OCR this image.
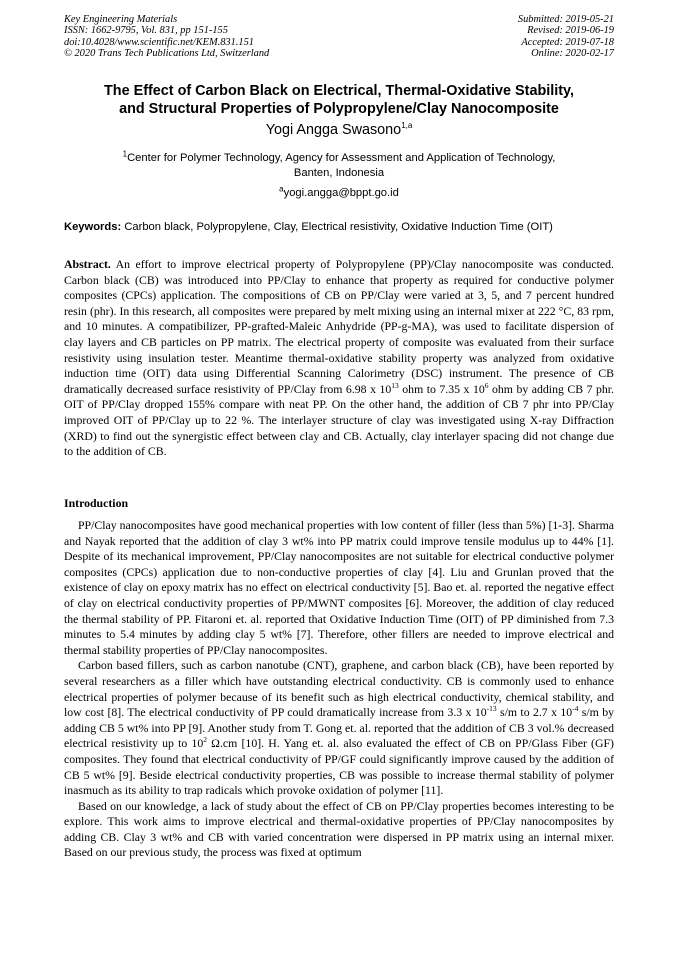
Key Engineering Materials
ISSN: 1662-9795, Vol. 831, pp 151-155
doi:10.4028/www.scientific.net/KEM.831.151
© 2020 Trans Tech Publications Ltd, Switzerland
Submitted: 2019-05-21
Revised: 2019-06-19
Accepted: 2019-07-18
Online: 2020-02-17
The Effect of Carbon Black on Electrical, Thermal-Oxidative Stability,
and Structural Properties of Polypropylene/Clay Nanocomposite
Yogi Angga Swasono$^{1,a}$
$^1$Center for Polymer Technology, Agency for Assessment and Application of Technology,
Banten, Indonesia
$^a$yogi.angga@bppt.go.id
Keywords: Carbon black, Polypropylene, Clay, Electrical resistivity, Oxidative Induction Time (OIT)

Abstract. An effort to improve electrical property of Polypropylene (PP)/Clay nanocomposite was conducted. Carbon black (CB) was introduced into PP/Clay to enhance that property as required for conductive polymer composites (CPCs) application. The compositions of CB on PP/Clay were varied at 3, 5, and 7 percent hundred resin (phr). In this research, all composites were prepared by melt mixing using an internal mixer at 222 °C, 83 rpm, and 10 minutes. A compatibilizer, PP-grafted-Maleic Anhydride (PP-g-MA), was used to facilitate dispersion of clay layers and CB particles on PP matrix. The electrical property of composite was evaluated from their surface resistivity using insulation tester. Meantime thermal-oxidative stability property was analyzed from oxidative induction time (OIT) data using Differential Scanning Calorimetry (DSC) instrument. The presence of CB dramatically decreased surface resistivity of PP/Clay from 6.98 x $10^{13}$ ohm to 7.35 x $10^6$ ohm by adding CB 7 phr. OIT of PP/Clay dropped 155% compare with neat PP. On the other hand, the addition of CB 7 phr into PP/Clay improved OIT of PP/Clay up to 22 %. The interlayer structure of clay was investigated using X-ray Diffraction (XRD) to find out the synergistic effect between clay and CB. Actually, clay interlayer spacing did not change due to the addition of CB.

Introduction

PP/Clay nanocomposites have good mechanical properties with low content of filler (less than 5%) [1-3]. Sharma and Nayak reported that the addition of clay 3 wt% into PP matrix could improve tensile modulus up to 44% [1]. Despite of its mechanical improvement, PP/Clay nanocomposites are not suitable for electrical conductive polymer composites (CPCs) application due to non-conductive properties of clay [4]. Liu and Grunlan proved that the existence of clay on epoxy matrix has no effect on electrical conductivity [5]. Bao et. al. reported the negative effect of clay on electrical conductivity properties of PP/MWNT composites [6]. Moreover, the addition of clay reduced the thermal stability of PP. Fitaroni et. al. reported that Oxidative Induction Time (OIT) of PP diminished from 7.3 minutes to 5.4 minutes by adding clay 5 wt% [7]. Therefore, other fillers are needed to improve electrical and thermal stability properties of PP/Clay nanocomposites.

Carbon based fillers, such as carbon nanotube (CNT), graphene, and carbon black (CB), have been reported by several researchers as a filler which have outstanding electrical conductivity. CB is commonly used to enhance electrical properties of polymer because of its benefit such as high electrical conductivity, chemical stability, and low cost [8]. The electrical conductivity of PP could dramatically increase from 3.3 x $10^{-13}$ s/m to 2.7 x $10^{-4}$ s/m by adding CB 5 wt% into PP [9]. Another study from T. Gong et. al. reported that the addition of CB 3 vol.% decreased electrical resistivity up to $10^2$ Ω.cm [10]. H. Yang et. al. also evaluated the effect of CB on PP/Glass Fiber (GF) composites. They found that electrical conductivity of PP/GF could significantly improve caused by the addition of CB 5 wt% [9]. Beside electrical conductivity properties, CB was possible to increase thermal stability of polymer inasmuch as its ability to trap radicals which provoke oxidation of polymer [11].

Based on our knowledge, a lack of study about the effect of CB on PP/Clay properties becomes interesting to be explore. This work aims to improve electrical and thermal-oxidative properties of PP/Clay nanocomposites by adding CB. Clay 3 wt% and CB with varied concentration were dispersed in PP matrix using an internal mixer. Based on our previous study, the process was fixed at optimum
